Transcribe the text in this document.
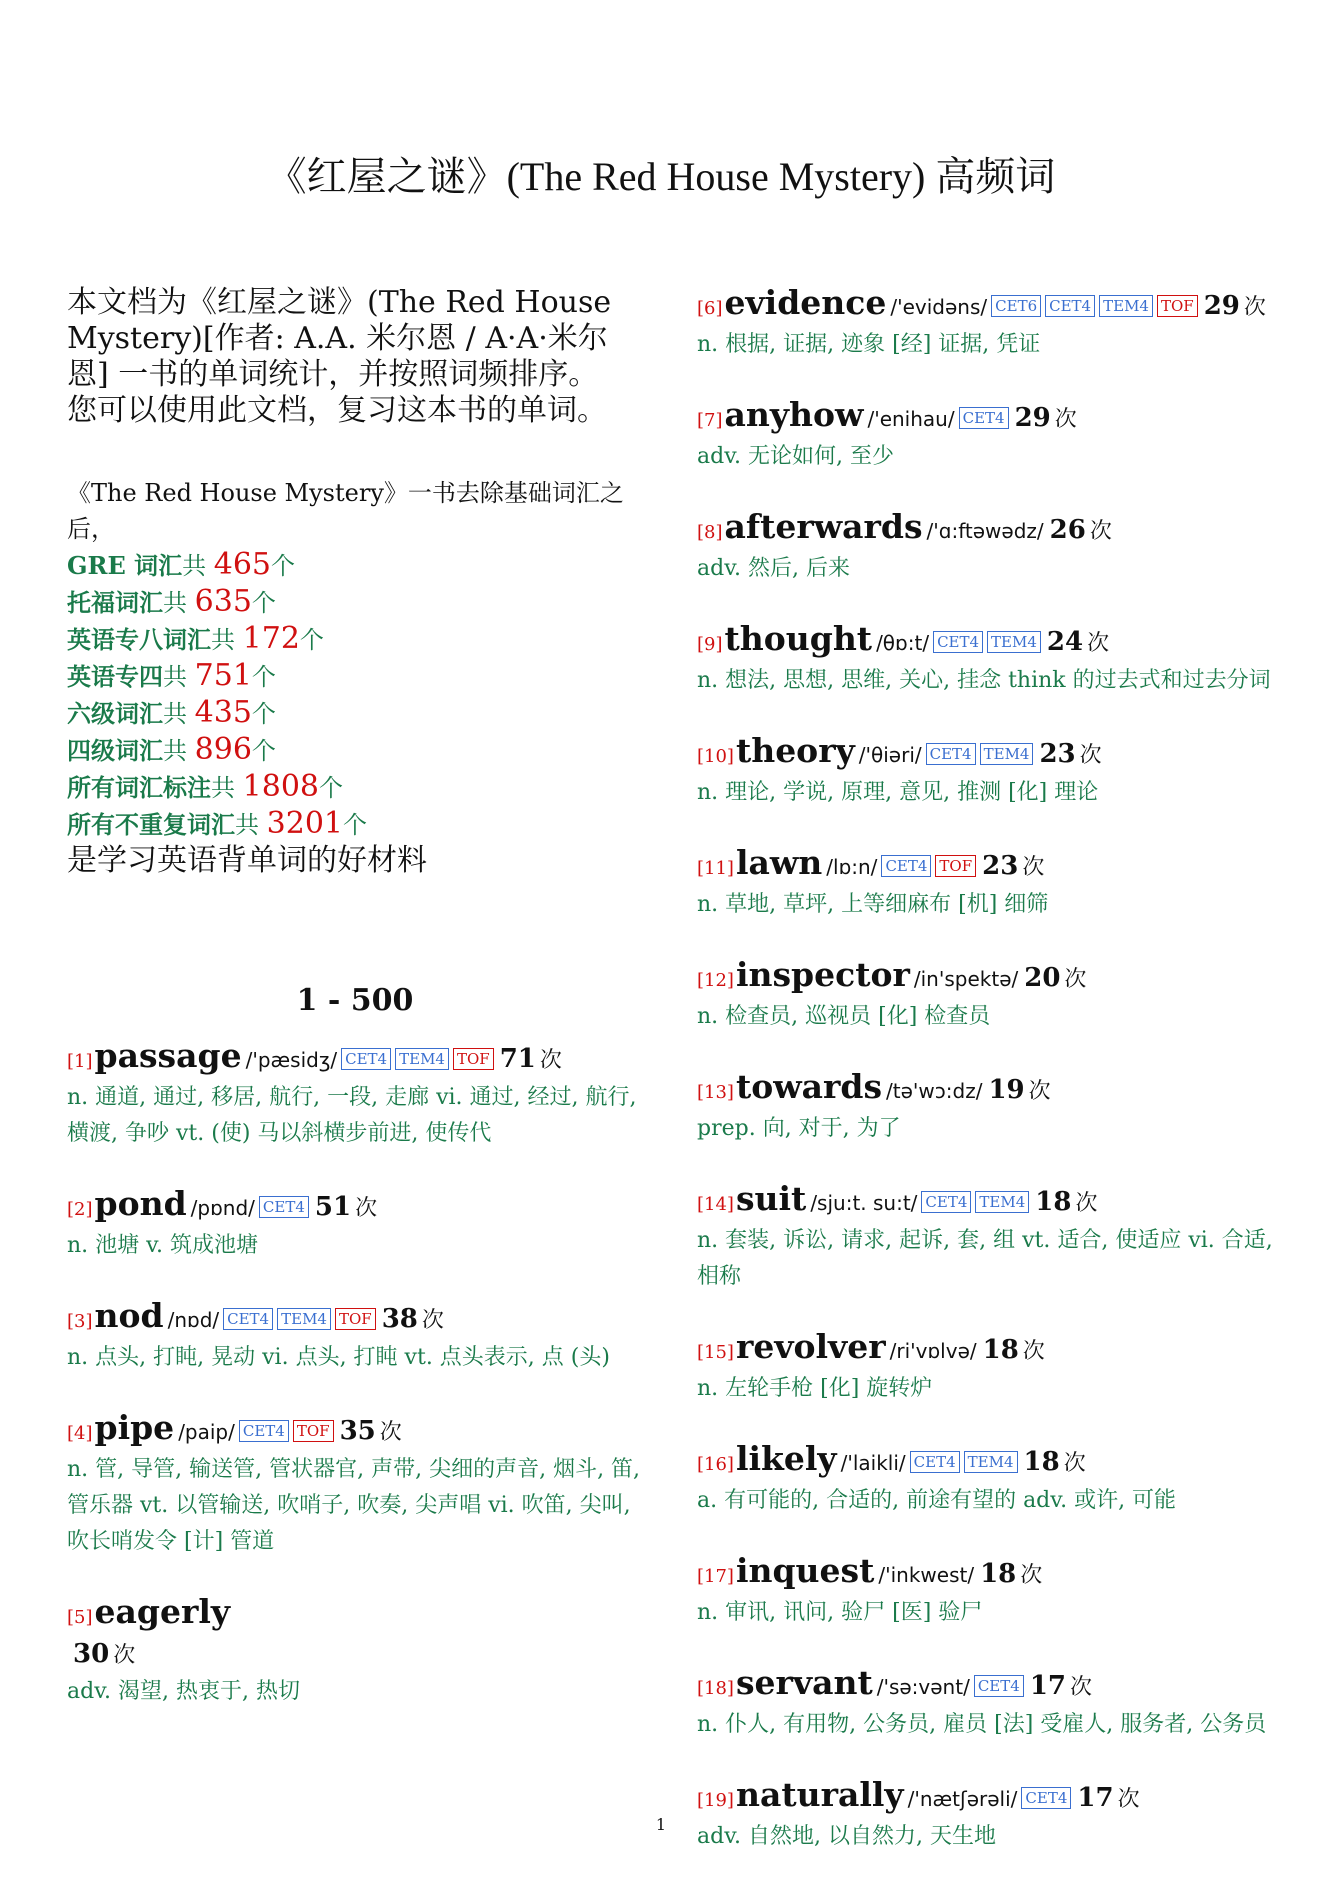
《红屋之谜》(The Red House Mystery) 高频词

本文档为《红屋之谜》(The Red House Mystery)[作者: A.A. 米尔恩 / A·A·米尔恩] 一书的单词统计，并按照词频排序。

您可以使用此文档，复习这本书的单词。

《The Red House Mystery》一书去除基础词汇之后，
GRE 词汇共 465个
托福词汇共 635个
英语专八词汇共 172个
英语专四共 751个
六级词汇共 435个
四级词汇共 896个
所有词汇标注共 1808个
所有不重复词汇共 3201个
是学习英语背单词的好材料
1 - 500
[1]passage /'pæsidʒ/ CET4 TEM4 TOF 71 次
n. 通道, 通过, 移居, 航行, 一段, 走廊 vi. 通过, 经过, 航行, 横渡, 争吵 vt. (使) 马以斜横步前进, 使传代
[2]pond /pɒnd/ CET4 51 次
n. 池塘 v. 筑成池塘
[3]nod /nɒd/ CET4 TEM4 TOF 38 次
n. 点头, 打盹, 晃动 vi. 点头, 打盹 vt. 点头表示, 点 (头)
[4]pipe /paip/ CET4 TOF 35 次
n. 管, 导管, 输送管, 管状器官, 声带, 尖细的声音, 烟斗, 笛, 管乐器 vt. 以管输送, 吹哨子, 吹奏, 尖声唱 vi. 吹笛, 尖叫, 吹长哨发令 [计] 管道
[5]eagerly
30 次
adv. 渴望, 热衷于, 热切
[6]evidence /'evidəns/ CET6 CET4 TEM4 TOF 29 次
n. 根据, 证据, 迹象 [经] 证据, 凭证
[7]anyhow /'enihau/ CET4 29 次
adv. 无论如何, 至少
[8]afterwards /'ɑ:ftəwədz/ 26 次
adv. 然后, 后来
[9]thought /θɒ:t/ CET4 TEM4 24 次
n. 想法, 思想, 思维, 关心, 挂念 think 的过去式和过去分词
[10]theory /'θiəri/ CET4 TEM4 23 次
n. 理论, 学说, 原理, 意见, 推测 [化] 理论
[11]lawn /lɒ:n/ CET4 TOF 23 次
n. 草地, 草坪, 上等细麻布 [机] 细筛
[12]inspector /in'spektə/ 20 次
n. 检查员, 巡视员 [化] 检查员
[13]towards /tə'wɔ:dz/ 19 次
prep. 向, 对于, 为了
[14]suit /sju:t. su:t/ CET4 TEM4 18 次
n. 套装, 诉讼, 请求, 起诉, 套, 组 vt. 适合, 使适应 vi. 合适, 相称
[15]revolver /ri'vɒlvə/ 18 次
n. 左轮手枪 [化] 旋转炉
[16]likely /'laikli/ CET4 TEM4 18 次
a. 有可能的, 合适的, 前途有望的 adv. 或许, 可能
[17]inquest /'inkwest/ 18 次
n. 审讯, 讯问, 验尸 [医] 验尸
[18]servant /'sə:vənt/ CET4 17 次
n. 仆人, 有用物, 公务员, 雇员 [法] 受雇人, 服务者, 公务员
[19]naturally /'nætʃərəli/ CET4 17 次
adv. 自然地, 以自然力, 天生地
1
